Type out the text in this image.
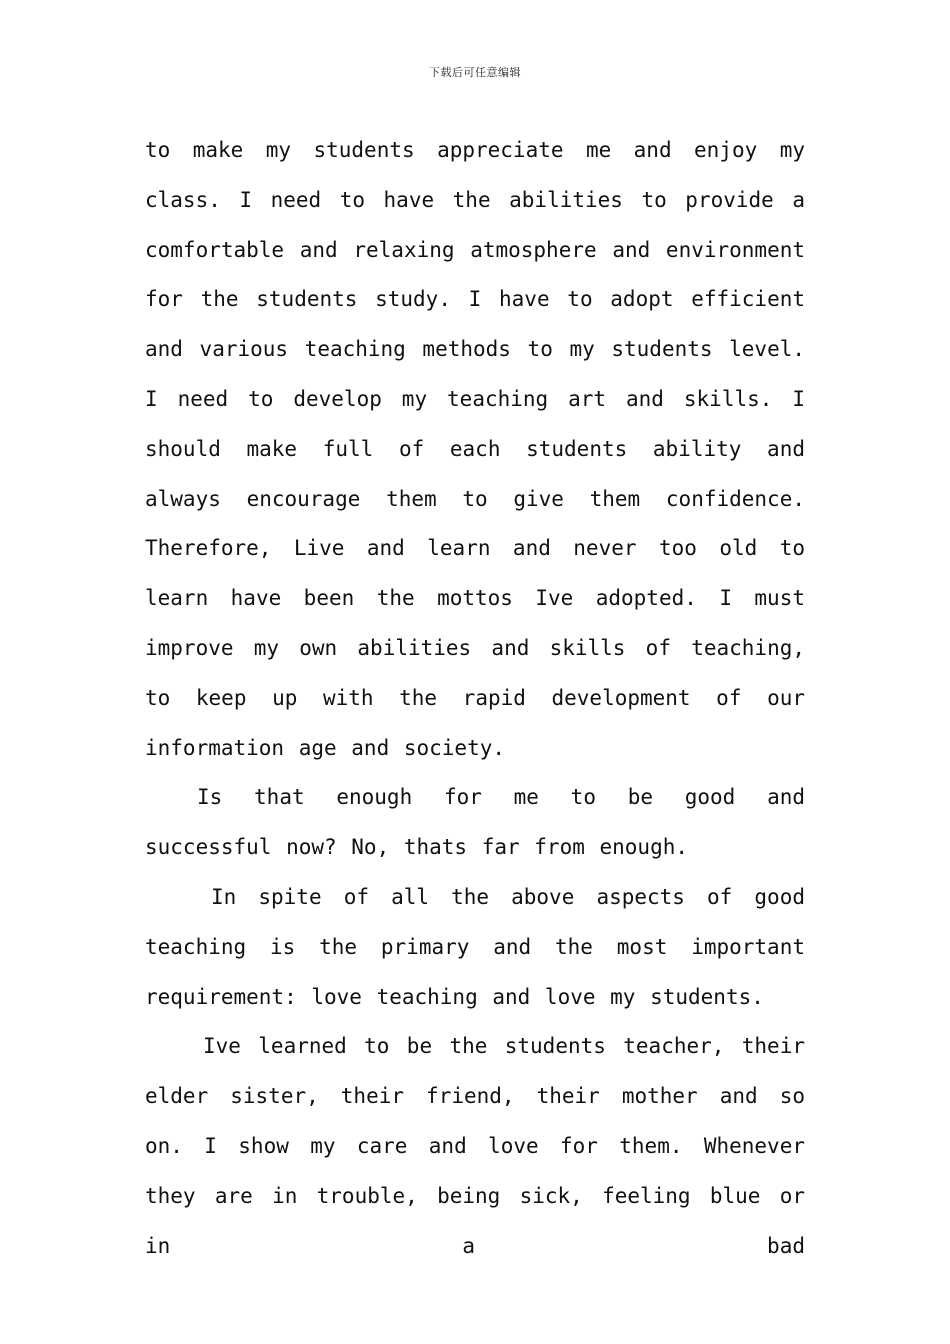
下载后可任意编辑

to make my students appreciate me and enjoy my class. I need to have the abilities to provide a comfortable and relaxing atmosphere and environment for the students study. I have to adopt efficient and various teaching methods to my students level. I need to develop my teaching art and skills. I should make full of each students ability and always encourage them to give them confidence. Therefore, Live and learn and never too old to learn have been the mottos Ive adopted. I must improve my own abilities and skills of teaching, to keep up with the rapid development of our information age and society.

Is that enough for me to be good and successful now? No, thats far from enough.

In spite of all the above aspects of good teaching is the primary and the most important requirement: love teaching and love my students.

Ive learned to be the students teacher, their elder sister, their friend, their mother and so on. I show my care and love for them. Whenever they are in trouble, being sick, feeling blue or in a bad
